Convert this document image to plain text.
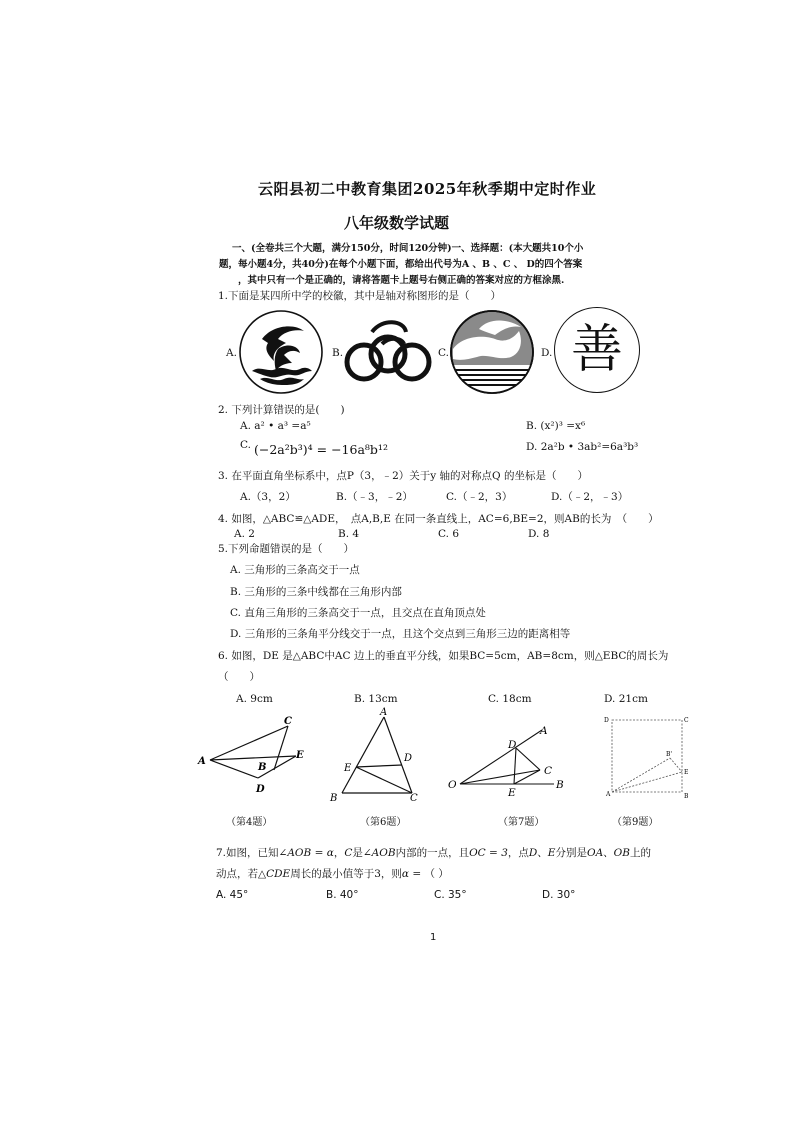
云阳县初二中教育集团2025年秋季期中定时作业
八年级数学试题
一、(全卷共三个大题，满分150分，时间120分钟)一、选择题：(本大题共10个小
题，每小题4分，共40分)在每个小题下面，都给出代号为A 、B 、C 、 D的四个答案
，其中只有一个是正确的，请将答题卡上题号右侧正确的答案对应的方框涂黑.
1.下面是某四所中学的校徽，其中是轴对称图形的是（　　）
A.	B.	C.	D. 善
2. 下列计算错误的是(　　)
A. a² • a³ =a⁵	B. (x²)³ =x⁶
C. (−2a²b³)⁴ = −16a⁸b¹²	D. 2a²b • 3ab²=6a³b³
3. 在平面直角坐标系中，点P（3，﹣2）关于y 轴的对称点Q 的坐标是（　　）
A.（3，2）	B.（﹣3，﹣2）	C.（﹣2，3）	D.（﹣2，﹣3）
4. 如图，△ABC≌△ADE，　点A,B,E 在同一条直线上，AC=6,BE=2，则AB的长为　（　　）
A. 2	B. 4	C. 6	D. 8
5.下列命题错误的是（　　）
A. 三角形的三条高交于一点
B. 三角形的三条中线都在三角形内部
C. 直角三角形的三条高交于一点，且交点在直角顶点处
D. 三角形的三条角平分线交于一点，且这个交点到三角形三边的距离相等
6. 如图，DE 是△ABC中AC 边上的垂直平分线，如果BC=5cm，AB=8cm，则△EBC的周长为
（　　）
A. 9cm	B. 13cm	C. 18cm	D. 21cm
A
B
C
D
E
A
B	C
D
E
O
A
B
C
D
E
D	C
A	B
B'
E
（第4题）	（第6题）	（第7题）	（第9题）
7.如图，已知∠AOB = α，C是∠AOB内部的一点，且OC = 3，点D、E分别是OA、OB上的
动点，若△CDE周长的最小值等于3，则α = （ ）
A. 45°	B. 40°	C. 35°	D. 30°
1
